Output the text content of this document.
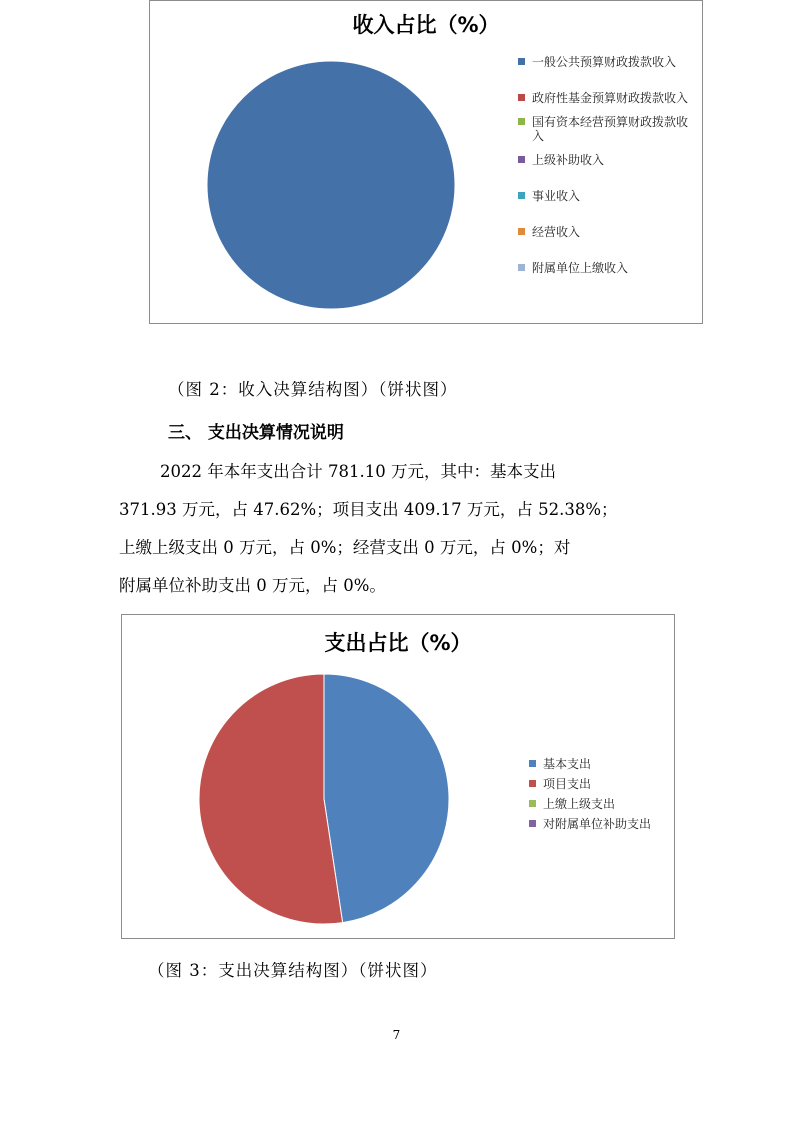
收入占比（%）
一般公共预算财政拨款收入
政府性基金预算财政拨款收入
国有资本经营预算财政拨款收入
上级补助收入
事业收入
经营收入
附属单位上缴收入
（图 2：收入决算结构图）（饼状图）
三、 支出决算情况说明
2022 年本年支出合计 781.10 万元，其中：基本支出
371.93 万元，占 47.62%；项目支出 409.17 万元，占 52.38%；
上缴上级支出 0 万元，占 0%；经营支出 0 万元，占 0%；对
附属单位补助支出 0 万元，占 0%。
支出占比（%）
基本支出
项目支出
上缴上级支出
对附属单位补助支出
（图 3：支出决算结构图）（饼状图）
7
